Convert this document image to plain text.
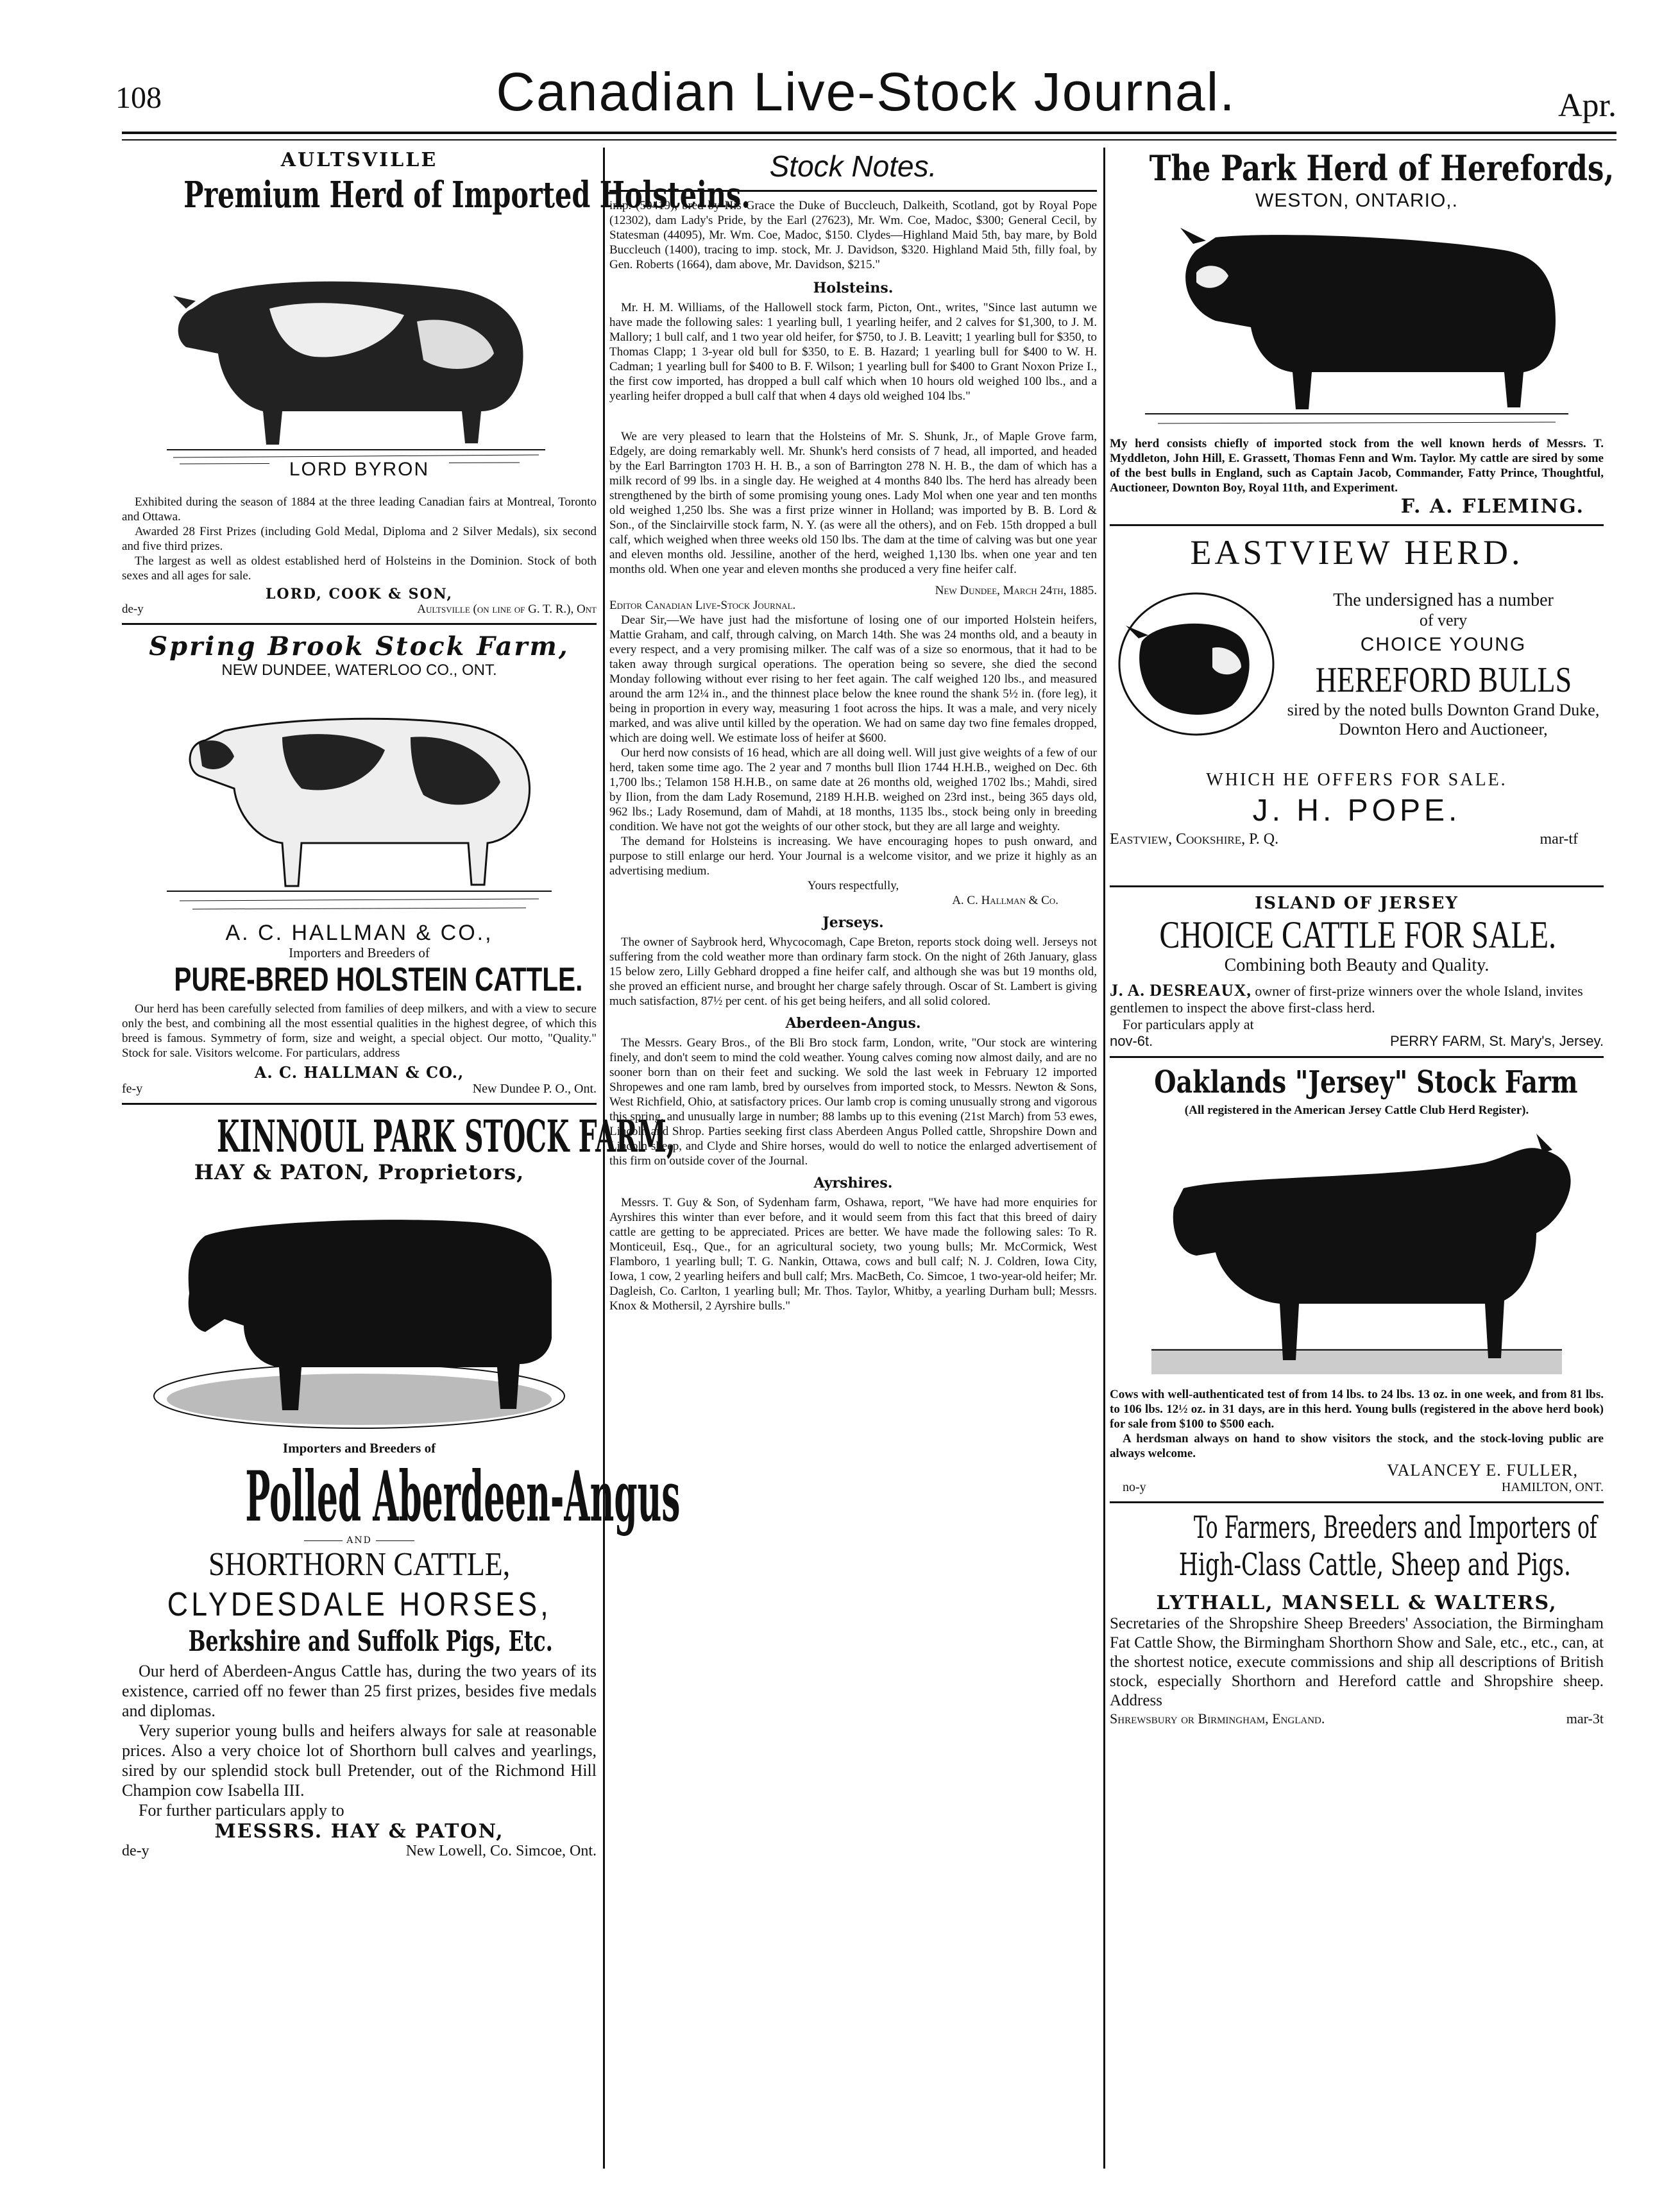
108	Canadian Live-Stock Journal.	Apr.
AULTSVILLE
Premium Herd of Imported Holsteins.
LORD BYRON
Exhibited during the season of 1884 at the three leading Canadian fairs at Montreal, Toronto and Ottawa.
Awarded 28 First Prizes (including Gold Medal, Diploma and 2 Silver Medals), six second and five third prizes.
The largest as well as oldest established herd of Holsteins in the Dominion. Stock of both sexes and all ages for sale.
LORD, COOK & SON,
de-y	Aultsville (on line of G. T. R.), Ont
Spring Brook Stock Farm,
NEW DUNDEE, WATERLOO CO., ONT.
A. C. HALLMAN & CO.,
Importers and Breeders of
PURE-BRED HOLSTEIN CATTLE.
Our herd has been carefully selected from families of deep milkers, and with a view to secure only the best, and combining all the most essential qualities in the highest degree, of which this breed is famous. Symmetry of form, size and weight, a special object. Our motto, "Quality." Stock for sale. Visitors welcome. For particulars, address
A. C. HALLMAN & CO.,
fe-y	New Dundee P. O., Ont.
KINNOUL PARK STOCK FARM,
HAY & PATON, Proprietors,
Importers and Breeders of
Polled Aberdeen-Angus
AND
SHORTHORN CATTLE,
CLYDESDALE HORSES,
Berkshire and Suffolk Pigs, Etc.
Our herd of Aberdeen-Angus Cattle has, during the two years of its existence, carried off no fewer than 25 first prizes, besides five medals and diplomas.
Very superior young bulls and heifers always for sale at reasonable prices. Also a very choice lot of Shorthorn bull calves and yearlings, sired by our splendid stock bull Pretender, out of the Richmond Hill Champion cow Isabella III.
For further particulars apply to
MESSRS. HAY & PATON,
de-y	New Lowell, Co. Simcoe, Ont.
Stock Notes.
imp. (50419), bred by His Grace the Duke of Buccleuch, Dalkeith, Scotland, got by Royal Pope (12302), dam Lady's Pride, by the Earl (27623), Mr. Wm. Coe, Madoc, $300; General Cecil, by Statesman (44095), Mr. Wm. Coe, Madoc, $150. Clydes—Highland Maid 5th, bay mare, by Bold Buccleuch (1400), tracing to imp. stock, Mr. J. Davidson, $320. Highland Maid 5th, filly foal, by Gen. Roberts (1664), dam above, Mr. Davidson, $215."
Holsteins.
Mr. H. M. Williams, of the Hallowell stock farm, Picton, Ont., writes, "Since last autumn we have made the following sales: 1 yearling bull, 1 yearling heifer, and 2 calves for $1,300, to J. M. Mallory; 1 bull calf, and 1 two year old heifer, for $750, to J. B. Leavitt; 1 yearling bull for $350, to Thomas Clapp; 1 3-year old bull for $350, to E. B. Hazard; 1 yearling bull for $400 to W. H. Cadman; 1 yearling bull for $400 to B. F. Wilson; 1 yearling bull for $400 to Grant Noxon Prize I., the first cow imported, has dropped a bull calf which when 10 hours old weighed 100 lbs., and a yearling heifer dropped a bull calf that when 4 days old weighed 104 lbs."
We are very pleased to learn that the Holsteins of Mr. S. Shunk, Jr., of Maple Grove farm, Edgely, are doing remarkably well. Mr. Shunk's herd consists of 7 head, all imported, and headed by the Earl Barrington 1703 H. H. B., a son of Barrington 278 N. H. B., the dam of which has a milk record of 99 lbs. in a single day. He weighed at 4 months 840 lbs. The herd has already been strengthened by the birth of some promising young ones. Lady Mol when one year and ten months old weighed 1,250 lbs. She was a first prize winner in Holland; was imported by B. B. Lord & Son., of the Sinclairville stock farm, N. Y. (as were all the others), and on Feb. 15th dropped a bull calf, which weighed when three weeks old 150 lbs. The dam at the time of calving was but one year and eleven months old. Jessiline, another of the herd, weighed 1,130 lbs. when one year and ten months old. When one year and eleven months she produced a very fine heifer calf.
New Dundee, March 24th, 1885.
Editor Canadian Live-Stock Journal.
Dear Sir,—We have just had the misfortune of losing one of our imported Holstein heifers, Mattie Graham, and calf, through calving, on March 14th. She was 24 months old, and a beauty in every respect, and a very promising milker. The calf was of a size so enormous, that it had to be taken away through surgical operations. The operation being so severe, she died the second Monday following without ever rising to her feet again. The calf weighed 120 lbs., and measured around the arm 12¼ in., and the thinnest place below the knee round the shank 5½ in. (fore leg), it being in proportion in every way, measuring 1 foot across the hips. It was a male, and very nicely marked, and was alive until killed by the operation. We had on same day two fine females dropped, which are doing well. We estimate loss of heifer at $600.
Our herd now consists of 16 head, which are all doing well. Will just give weights of a few of our herd, taken some time ago. The 2 year and 7 months bull Ilion 1744 H.H.B., weighed on Dec. 6th 1,700 lbs.; Telamon 158 H.H.B., on same date at 26 months old, weighed 1702 lbs.; Mahdi, sired by Ilion, from the dam Lady Rosemund, 2189 H.H.B. weighed on 23rd inst., being 365 days old, 962 lbs.; Lady Rosemund, dam of Mahdi, at 18 months, 1135 lbs., stock being only in breeding condition. We have not got the weights of our other stock, but they are all large and weighty.
The demand for Holsteins is increasing. We have encouraging hopes to push onward, and purpose to still enlarge our herd. Your Journal is a welcome visitor, and we prize it highly as an advertising medium.
Yours respectfully,
A. C. Hallman & Co.
Jerseys.
The owner of Saybrook herd, Whycocomagh, Cape Breton, reports stock doing well. Jerseys not suffering from the cold weather more than ordinary farm stock. On the night of 26th January, glass 15 below zero, Lilly Gebhard dropped a fine heifer calf, and although she was but 19 months old, she proved an efficient nurse, and brought her charge safely through. Oscar of St. Lambert is giving much satisfaction, 87½ per cent. of his get being heifers, and all solid colored.
Aberdeen-Angus.
The Messrs. Geary Bros., of the Bli Bro stock farm, London, write, "Our stock are wintering finely, and don't seem to mind the cold weather. Young calves coming now almost daily, and are no sooner born than on their feet and sucking. We sold the last week in February 12 imported Shropewes and one ram lamb, bred by ourselves from imported stock, to Messrs. Newton & Sons, West Richfield, Ohio, at satisfactory prices. Our lamb crop is coming unusually strong and vigorous this spring, and unusually large in number; 88 lambs up to this evening (21st March) from 53 ewes, Lincoln and Shrop. Parties seeking first class Aberdeen Angus Polled cattle, Shropshire Down and Lincoln sheep, and Clyde and Shire horses, would do well to notice the enlarged advertisement of this firm on outside cover of the Journal.
Ayrshires.
Messrs. T. Guy & Son, of Sydenham farm, Oshawa, report, "We have had more enquiries for Ayrshires this winter than ever before, and it would seem from this fact that this breed of dairy cattle are getting to be appreciated. Prices are better. We have made the following sales: To R. Monticeuil, Esq., Que., for an agricultural society, two young bulls; Mr. McCormick, West Flamboro, 1 yearling bull; T. G. Nankin, Ottawa, cows and bull calf; N. J. Coldren, Iowa City, Iowa, 1 cow, 2 yearling heifers and bull calf; Mrs. MacBeth, Co. Simcoe, 1 two-year-old heifer; Mr. Dagleish, Co. Carlton, 1 yearling bull; Mr. Thos. Taylor, Whitby, a yearling Durham bull; Messrs. Knox & Mothersil, 2 Ayrshire bulls."
The Park Herd of Herefords,
WESTON, ONTARIO,.
My herd consists chiefly of imported stock from the well known herds of Messrs. T. Myddleton, John Hill, E. Grassett, Thomas Fenn and Wm. Taylor. My cattle are sired by some of the best bulls in England, such as Captain Jacob, Commander, Fatty Prince, Thoughtful, Auctioneer, Downton Boy, Royal 11th, and Experiment.
F. A. FLEMING.
EASTVIEW HERD.
The undersigned has a number
of very
CHOICE YOUNG
HEREFORD BULLS
sired by the noted bulls Downton Grand Duke, Downton Hero and Auctioneer,
WHICH HE OFFERS FOR SALE.
J. H. POPE.
Eastview, Cookshire, P. Q.	mar-tf
ISLAND OF JERSEY
CHOICE CATTLE FOR SALE.
Combining both Beauty and Quality.
J. A. DESREAUX, owner of first-prize winners over the whole Island, invites gentlemen to inspect the above first-class herd.
For particulars apply at
nov-6t.	PERRY FARM, St. Mary's, Jersey.
Oaklands "Jersey" Stock Farm
(All registered in the American Jersey Cattle Club Herd Register).
Cows with well-authenticated test of from 14 lbs. to 24 lbs. 13 oz. in one week, and from 81 lbs. to 106 lbs. 12½ oz. in 31 days, are in this herd. Young bulls (registered in the above herd book) for sale from $100 to $500 each.
A herdsman always on hand to show visitors the stock, and the stock-loving public are always welcome.
VALANCEY E. FULLER,
no-y	HAMILTON, ONT.
To Farmers, Breeders and Importers of
High-Class Cattle, Sheep and Pigs.
LYTHALL, MANSELL & WALTERS,
Secretaries of the Shropshire Sheep Breeders' Association, the Birmingham Fat Cattle Show, the Birmingham Shorthorn Show and Sale, etc., etc., can, at the shortest notice, execute commissions and ship all descriptions of British stock, especially Shorthorn and Hereford cattle and Shropshire sheep. Address
Shrewsbury or Birmingham, England.	mar-3t
